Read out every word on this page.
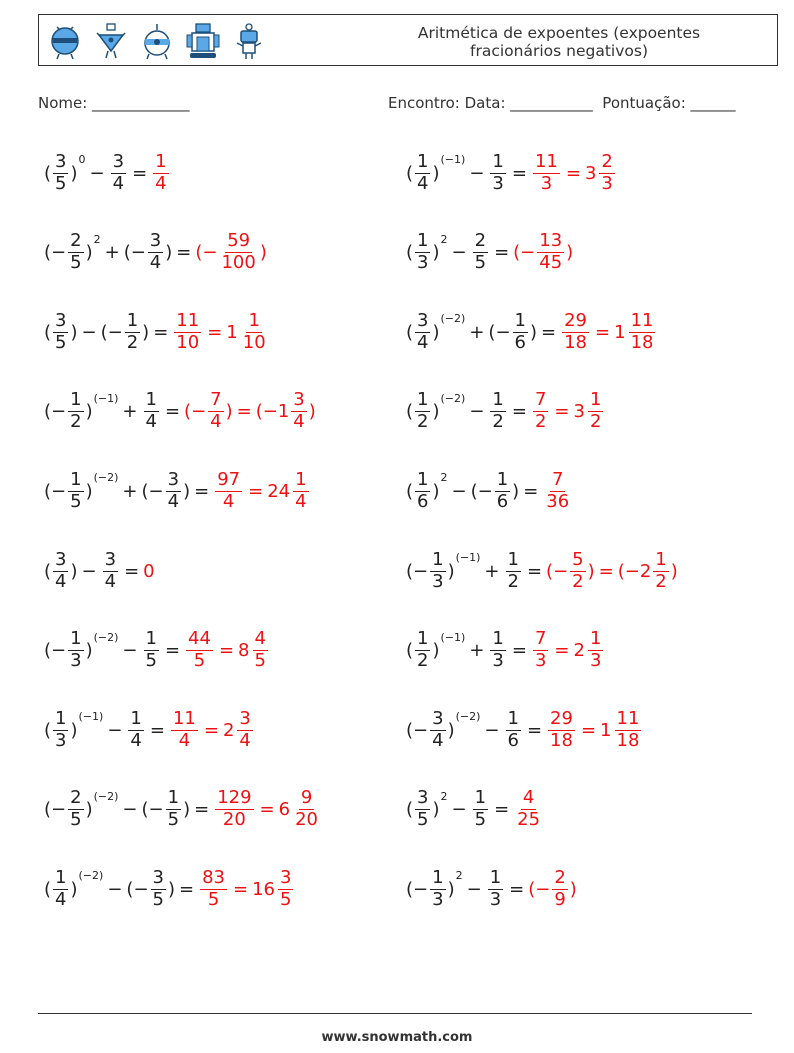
Aritmética de expoentes (expoentes fracionários negativos)
Nome: _____________	Encontro: Data: ___________  Pontuação: ______
( $\frac{3}{5}$ )
0
− $\frac{3}{4} = \frac{1}{4}$	( $\frac{1}{4}$ )
(−1)
− $\frac{1}{3} = \frac{11}{3} = 3 \frac{2}{3}$
(− $\frac{2}{5}$ )
2
+ (− $\frac{3}{4}$ ) = (− $\frac{59}{100}$ )	( $\frac{1}{3}$ )
2
− $\frac{2}{5}$ = (− $\frac{13}{45}$ )
( $\frac{3}{5}$ ) − (− $\frac{1}{2}$ ) = $\frac{11}{10} = 1 \frac{1}{10}$	( $\frac{3}{4}$ )
(−2)
+ (− $\frac{1}{6}$ ) = $\frac{29}{18} = 1 \frac{11}{18}$
(− $\frac{1}{2}$ )
(−1)
+ $\frac{1}{4}$ = (− $\frac{7}{4}$ ) = ($-1 \frac{3}{4}$ )	( $\frac{1}{2}$ )
(−2)
− $\frac{1}{2} = \frac{7}{2} = 3 \frac{1}{2}$
(− $\frac{1}{5}$ )
(−2)
+ (− $\frac{3}{4}$ ) = $\frac{97}{4} = 24 \frac{1}{4}$	( $\frac{1}{6}$ )
2
− (− $\frac{1}{6}$ ) = $\frac{7}{36}$
( $\frac{3}{4}$ ) − $\frac{3}{4} = 0$	(− $\frac{1}{3}$ )
(−1)
+ $\frac{1}{2}$ = (− $\frac{5}{2}$ ) = ($-2 \frac{1}{2}$ )
(− $\frac{1}{3}$ )
(−2)
− $\frac{1}{5} = \frac{44}{5} = 8 \frac{4}{5}$	( $\frac{1}{2}$ )
(−1)
+ $\frac{1}{3} = \frac{7}{3} = 2 \frac{1}{3}$
( $\frac{1}{3}$ )
(−1)
− $\frac{1}{4} = \frac{11}{4} = 2 \frac{3}{4}$	(− $\frac{3}{4}$ )
(−2)
− $\frac{1}{6} = \frac{29}{18} = 1 \frac{11}{18}$
(− $\frac{2}{5}$ )
(−2)
− (− $\frac{1}{5}$ ) = $\frac{129}{20} = 6 \frac{9}{20}$	( $\frac{3}{5}$ )
2
− $\frac{1}{5} = \frac{4}{25}$
( $\frac{1}{4}$ )
(−2)
− (− $\frac{3}{5}$ ) = $\frac{83}{5} = 16 \frac{3}{5}$	(− $\frac{1}{3}$ )
2
− $\frac{1}{3}$ = (− $\frac{2}{9}$ )
www.snowmath.com
